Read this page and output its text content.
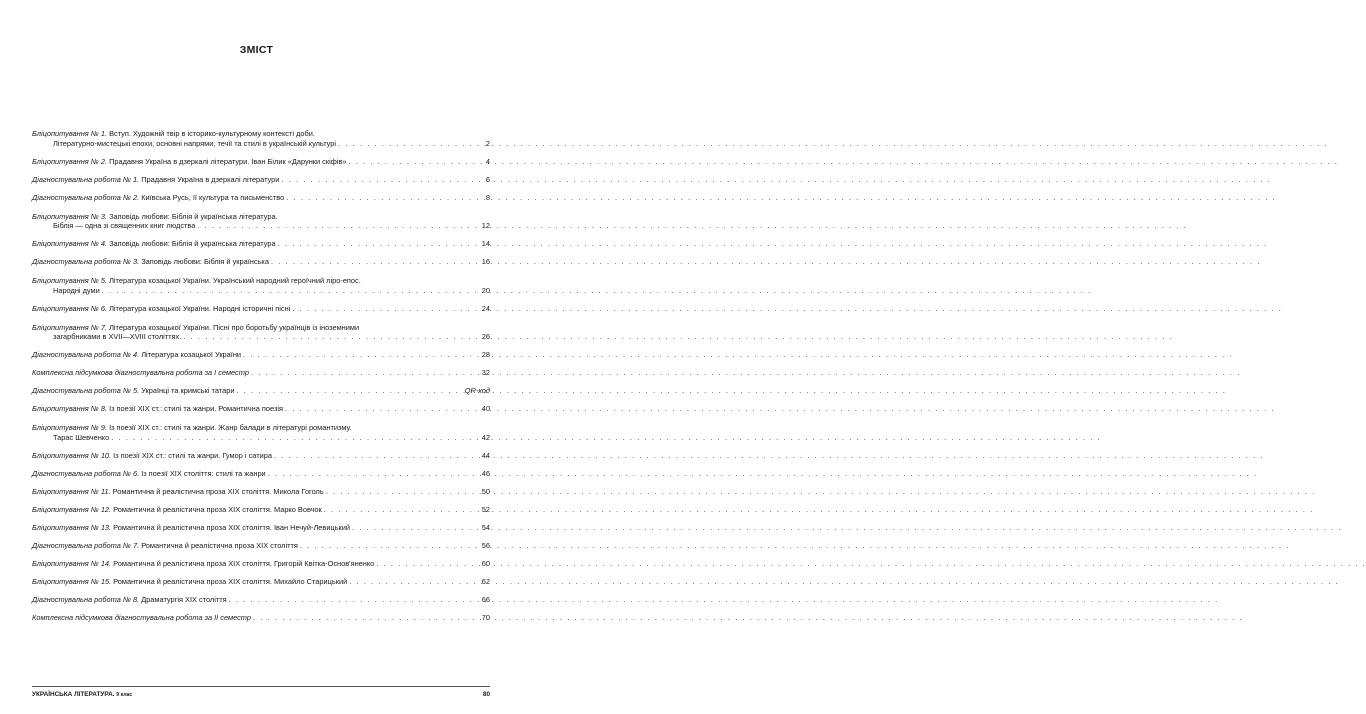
ЗМІСТ
Бліцопитування № 1. Вступ. Художній твір в історико-культурному контексті доби.
Літературно-мистецькі епохи, основні напрями, течії та стилі в українській культурі . . .	2
Бліцопитування № 2. Прадавня Україна в дзеркалі літератури. Іван Білик «Дарунки скіфів» . . .	4
Діагностувальна робота № 1. Прадавня Україна в дзеркалі літератури . . .	6
Діагностувальна робота № 2. Київська Русь, її культура та письменство . . .	8
Бліцопитування № 3. Заповідь любови: Біблія й українська література.
Біблія — одна зі священних книг людства . . .	12
Бліцопитування № 4. Заповідь любови: Біблія й українська література . . .	14
Діагностувальна робота № 3. Заповідь любови: Біблія й українська . . .	16
Бліцопитування № 5. Література козацької України. Український народний героїчний ліро-епос.
Народні думи . . .	20
Бліцопитування № 6. Література козацької України. Народні історичні пісні . . .	24
Бліцопитування № 7. Література козацької України. Пісні про боротьбу українців із іноземними
загарбниками в XVII—XVIII століттях. . . .	26
Діагностувальна робота № 4. Література козацької України . . .	28
Комплексна підсумкова діагностувальна робота за І семестр . . .	32
Діагностувальна робота № 5. Українці та кримські татари . . .	QR-код
Бліцопитування № 8. Із поезії XIX ст.: стилі та жанри. Романтична поезія . . .	40
Бліцопитування № 9. Із поезії XIX ст.: стилі та жанри. Жанр балади в літературі романтизму.
Тарас Шевченко . . .	42
Бліцопитування № 10. Із поезії XIX ст.: стилі та жанри. Гумор і сатира . . .	44
Діагностувальна робота № 6. Із поезії XIX століття: стилі та жанри . . .	46
Бліцопитування № 11. Романтична й реалістична проза XIX століття. Микола Гоголь . . .	50
Бліцопитування № 12. Романтична й реалістична проза XIX століття. Марко Вовчок . . .	52
Бліцопитування № 13. Романтична й реалістична проза XIX століття. Іван Нечуй-Левицький . . .	54
Діагностувальна робота № 7. Романтична й реалістична проза XIX століття . . .	56
Бліцопитування № 14. Романтична й реалістична проза XIX століття. Григорій Квітка-Основ'яненко . . .	60
Бліцопитування № 15. Романтична й реалістична проза XIX століття. Михайло Старицький . . .	62
Діагностувальна робота № 8. Драматургія XIX століття . . .	66
Комплексна підсумкова діагностувальна робота за ІІ семестр . . .	70
УКРАЇНСЬКА ЛІТЕРАТУРА. 9 клас	80
